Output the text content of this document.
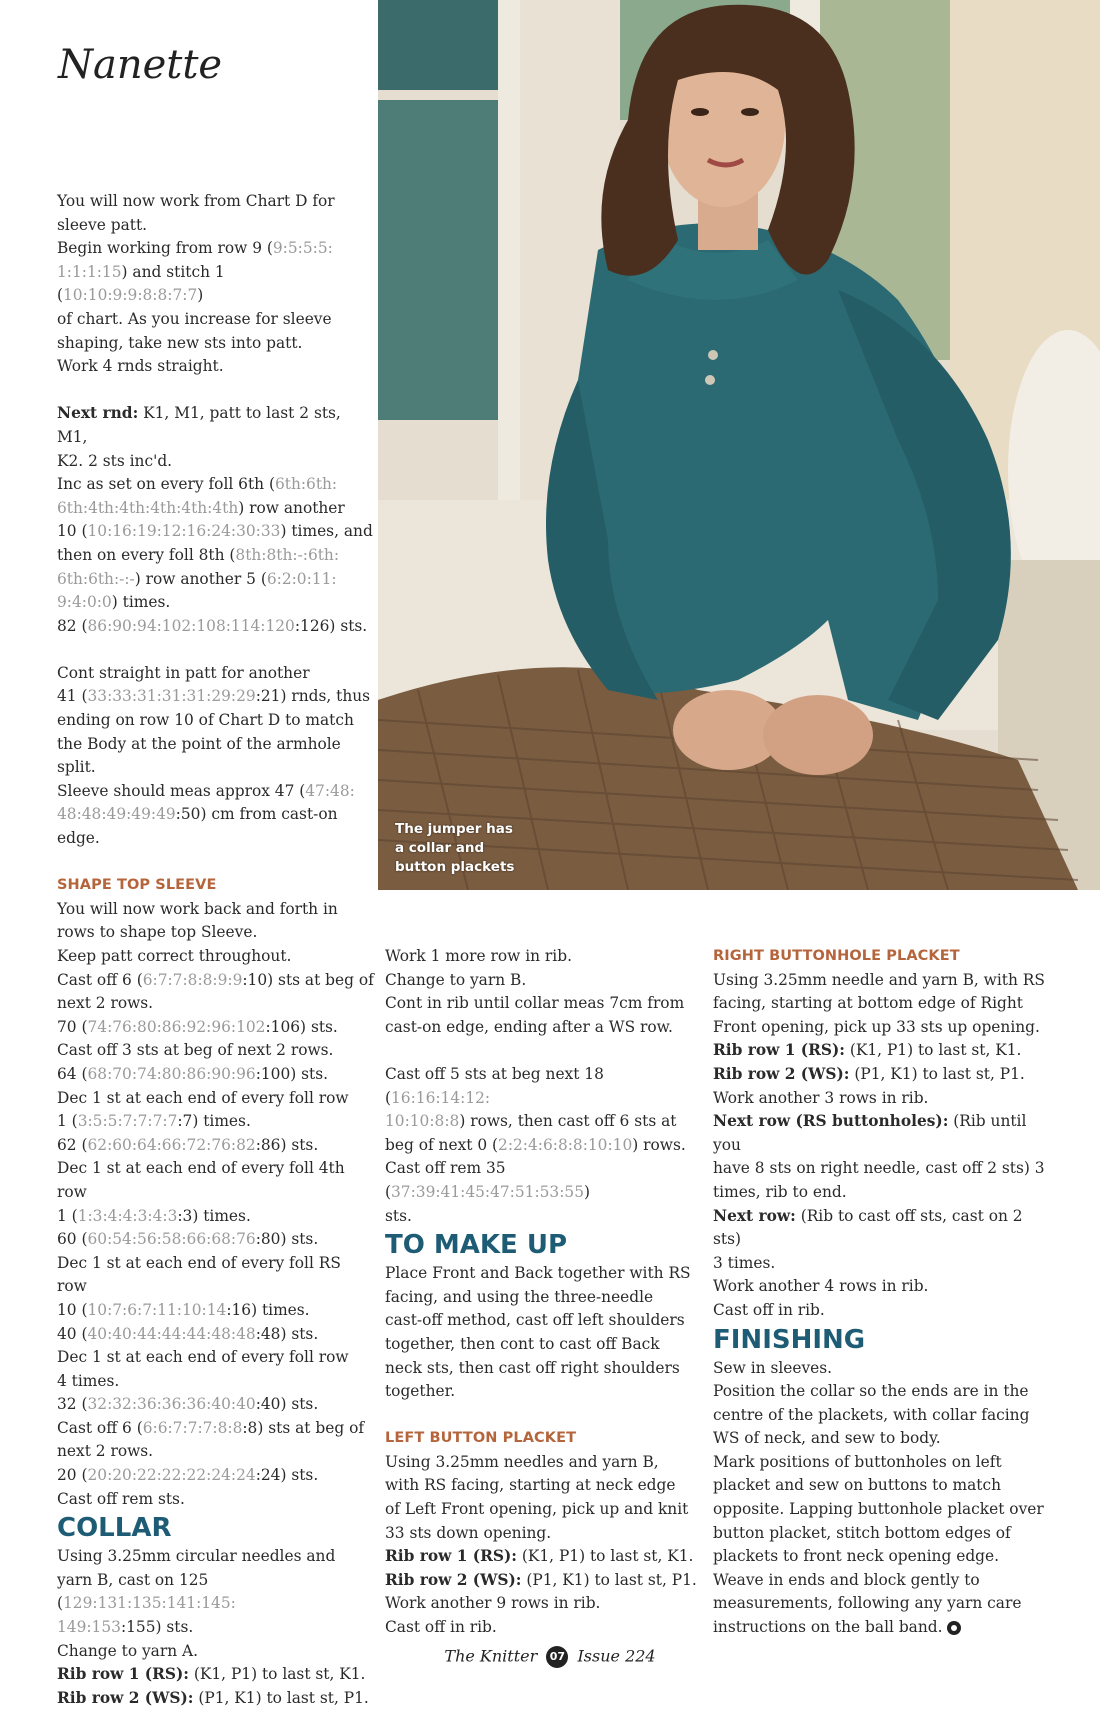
Nanette
The jumper has
a collar and
button plackets

You will now work from Chart D for

sleeve patt.

Begin working from row 9 (9:5:5:5:

1:1:1:15) and stitch 1 (10:10:9:9:8:8:7:7)

of chart. As you increase for sleeve

shaping, take new sts into patt.

Work 4 rnds straight.

Next rnd: K1, M1, patt to last 2 sts, M1,

K2. 2 sts inc'd.

Inc as set on every foll 6th (6th:6th:

6th:4th:4th:4th:4th:4th) row another

10 (10:16:19:12:16:24:30:33) times, and

then on every foll 8th (8th:8th:-:6th:

6th:6th:-:-) row another 5 (6:2:0:11:

9:4:0:0) times.

82 (86:90:94:102:108:114:120:126) sts.

Cont straight in patt for another

41 (33:33:31:31:31:29:29:21) rnds, thus

ending on row 10 of Chart D to match

the Body at the point of the armhole

split.

Sleeve should meas approx 47 (47:48:

48:48:49:49:49:50) cm from cast-on

edge.

SHAPE TOP SLEEVE

You will now work back and forth in

rows to shape top Sleeve.

Keep patt correct throughout.

Cast off 6 (6:7:7:8:8:9:9:10) sts at beg of

next 2 rows.

70 (74:76:80:86:92:96:102:106) sts.

Cast off 3 sts at beg of next 2 rows.

64 (68:70:74:80:86:90:96:100) sts.

Dec 1 st at each end of every foll row

1 (3:5:5:7:7:7:7:7) times.

62 (62:60:64:66:72:76:82:86) sts.

Dec 1 st at each end of every foll 4th row

1 (1:3:4:4:3:4:3:3) times.

60 (60:54:56:58:66:68:76:80) sts.

Dec 1 st at each end of every foll RS row

10 (10:7:6:7:11:10:14:16) times.

40 (40:40:44:44:44:48:48:48) sts.

Dec 1 st at each end of every foll row

4 times.

32 (32:32:36:36:36:40:40:40) sts.

Cast off 6 (6:6:7:7:7:8:8:8) sts at beg of

next 2 rows.

20 (20:20:22:22:22:24:24:24) sts.

Cast off rem sts.

COLLAR

Using 3.25mm circular needles and

yarn B, cast on 125 (129:131:135:141:145:

149:153:155) sts.

Change to yarn A.

Rib row 1 (RS): (K1, P1) to last st, K1.

Rib row 2 (WS): (P1, K1) to last st, P1.

Work 1 more row in rib.

Change to yarn B.

Cont in rib until collar meas 7cm from

cast-on edge, ending after a WS row.

Cast off 5 sts at beg next 18 (16:16:14:12:

10:10:8:8) rows, then cast off 6 sts at

beg of next 0 (2:2:4:6:8:8:10:10) rows.

Cast off rem 35 (37:39:41:45:47:51:53:55)

sts.

TO MAKE UP

Place Front and Back together with RS

facing, and using the three-needle

cast-off method, cast off left shoulders

together, then cont to cast off Back

neck sts, then cast off right shoulders

together.

LEFT BUTTON PLACKET

Using 3.25mm needles and yarn B,

with RS facing, starting at neck edge

of Left Front opening, pick up and knit

33 sts down opening.

Rib row 1 (RS): (K1, P1) to last st, K1.

Rib row 2 (WS): (P1, K1) to last st, P1.

Work another 9 rows in rib.

Cast off in rib.

RIGHT BUTTONHOLE PLACKET

Using 3.25mm needle and yarn B, with RS

facing, starting at bottom edge of Right

Front opening, pick up 33 sts up opening.

Rib row 1 (RS): (K1, P1) to last st, K1.

Rib row 2 (WS): (P1, K1) to last st, P1.

Work another 3 rows in rib.

Next row (RS buttonholes): (Rib until you

have 8 sts on right needle, cast off 2 sts) 3

times, rib to end.

Next row: (Rib to cast off sts, cast on 2 sts)

3 times.

Work another 4 rows in rib.

Cast off in rib.

FINISHING

Sew in sleeves.

Position the collar so the ends are in the

centre of the plackets, with collar facing

WS of neck, and sew to body.

Mark positions of buttonholes on left

placket and sew on buttons to match

opposite. Lapping buttonhole placket over

button placket, stitch bottom edges of

plackets to front neck opening edge.

Weave in ends and block gently to

measurements, following any yarn care

instructions on the ball band.

The Knitter 07 Issue 224
